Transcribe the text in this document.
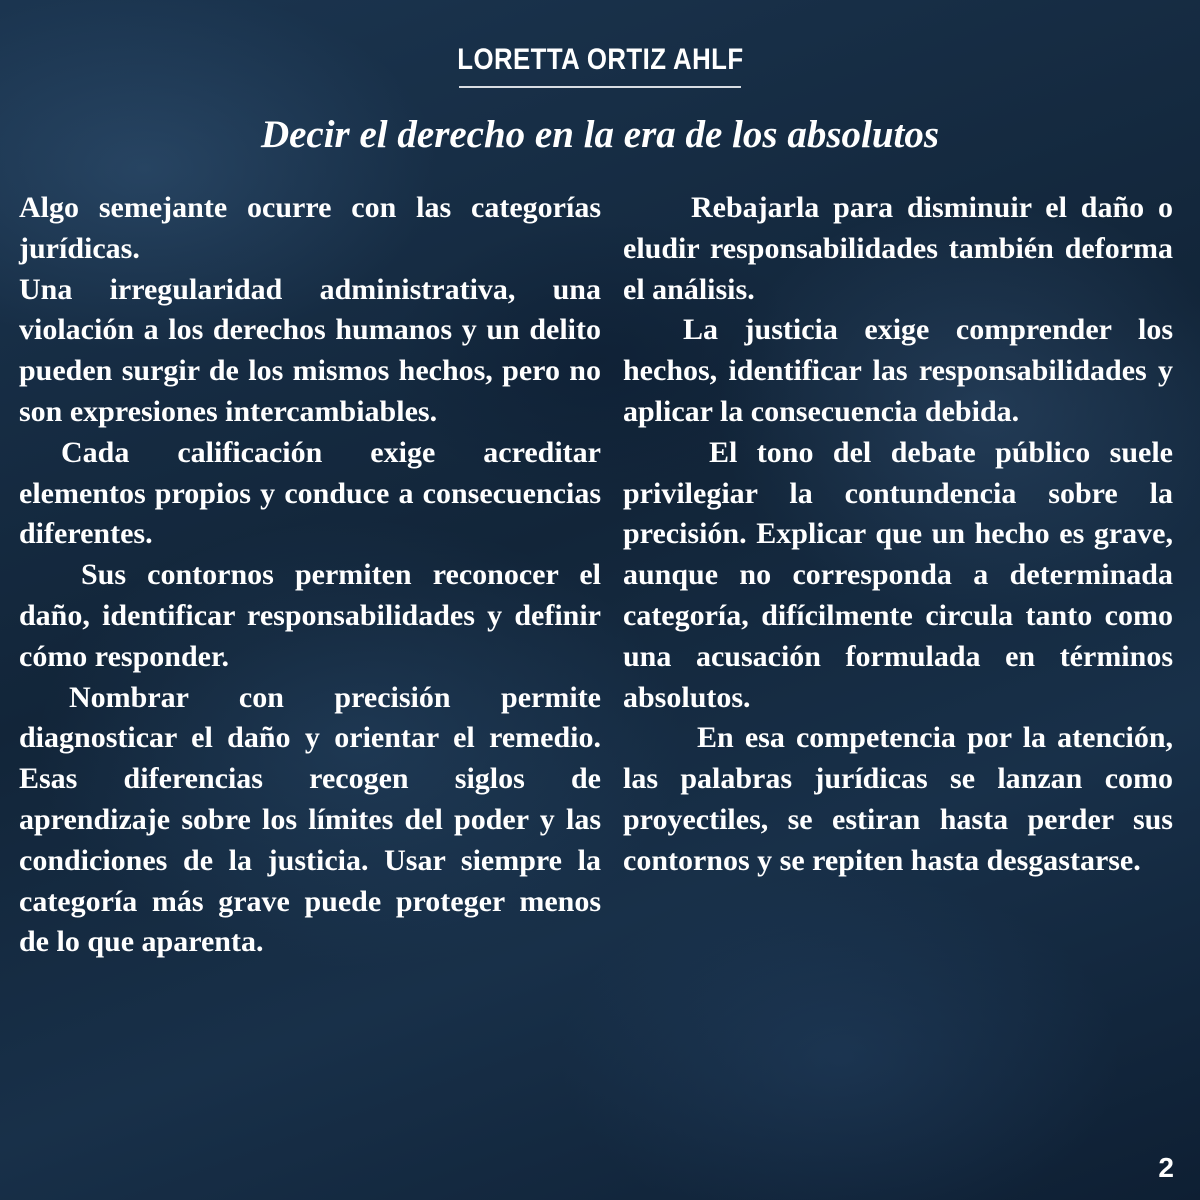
LORETTA ORTIZ AHLF
Decir el derecho en la era de los absolutos

Algo semejante ocurre con las categorías jurídicas.

Una irregularidad administrativa, una violación a los derechos humanos y un delito pueden surgir de los mismos hechos, pero no son expresiones intercambiables.

Cada calificación exige acreditar elementos propios y conduce a consecuencias diferentes.

Sus contornos permiten reconocer el daño, identificar responsabilidades y definir cómo responder.

Nombrar con precisión permite diagnosticar el daño y orientar el remedio. Esas diferencias recogen siglos de aprendizaje sobre los límites del poder y las condiciones de la justicia. Usar siempre la categoría más grave puede proteger menos de lo que aparenta.

Rebajarla para disminuir el daño o eludir responsabilidades también deforma el análisis.

La justicia exige comprender los hechos, identificar las responsabilidades y aplicar la consecuencia debida.

El tono del debate público suele privilegiar la contundencia sobre la precisión. Explicar que un hecho es grave, aunque no corresponda a determinada categoría, difícilmente circula tanto como una acusación formulada en términos absolutos.

En esa competencia por la atención, las palabras jurídicas se lanzan como proyectiles, se estiran hasta perder sus contornos y se repiten hasta desgastarse.

2
